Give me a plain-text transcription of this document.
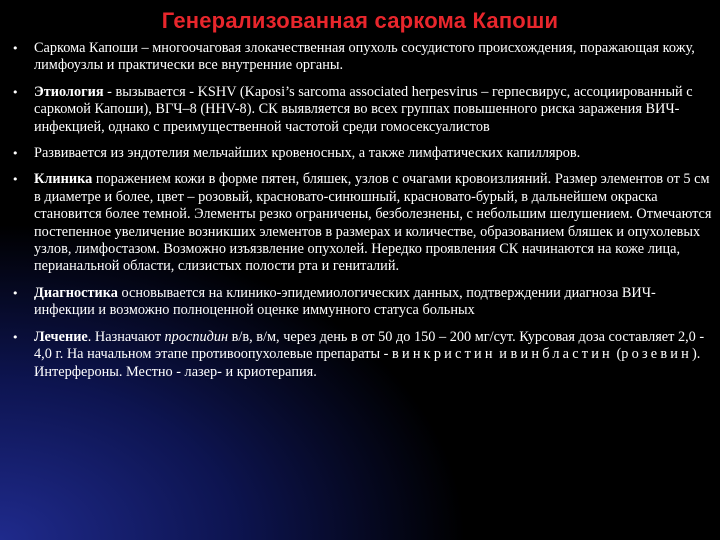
Генерализованная саркома Капоши
• Саркома Капоши – многоочаговая злокачественная опухоль сосудистого происхождения, поражающая кожу, лимфоузлы и практически все внутренние органы.
• Этиология - вызывается - KSHV (Kaposi’s sarcoma associated herpesvirus – герпесвирус, ассоциированный с саркомой Капоши), ВГЧ–8 (HHV-8). СК выявляется во всех группах повышенного риска заражения ВИЧ-инфекцией, однако с преимущественной частотой среди гомосексуалистов
• Развивается из эндотелия мельчайших кровеносных, а также лимфатических капилляров.
• Клиника поражением кожи в форме пятен, бляшек, узлов с очагами кровоизлияний. Размер элементов от 5 см в диаметре и более, цвет – розовый, красновато-синюшный, красновато-бурый, в дальнейшем окраска становится более темной. Элементы резко ограничены, безболезнены, с небольшим шелушением. Отмечаются постепенное увеличение возникших элементов в размерах и количестве, образованием бляшек и опухолевых узлов, лимфостазом. Возможно изъязвление опухолей. Нередко проявления СК начинаются на коже лица, перианальной области, слизистых полости рта и гениталий.
• Диагностика основывается на клинико-эпидемиологических данных, подтверждении диагноза ВИЧ-инфекции и возможно полноценной оценке иммунного статуса больных
• Лечение. Назначают проспидин в/в, в/м, через день в от 50 до 150 – 200 мг/сут. Курсовая доза составляет 2,0 - 4,0 г. На начальном этапе противоопухолевые препараты - винкристин и винбластин (розевин). Интерфероны. Местно - лазер- и криотерапия.
